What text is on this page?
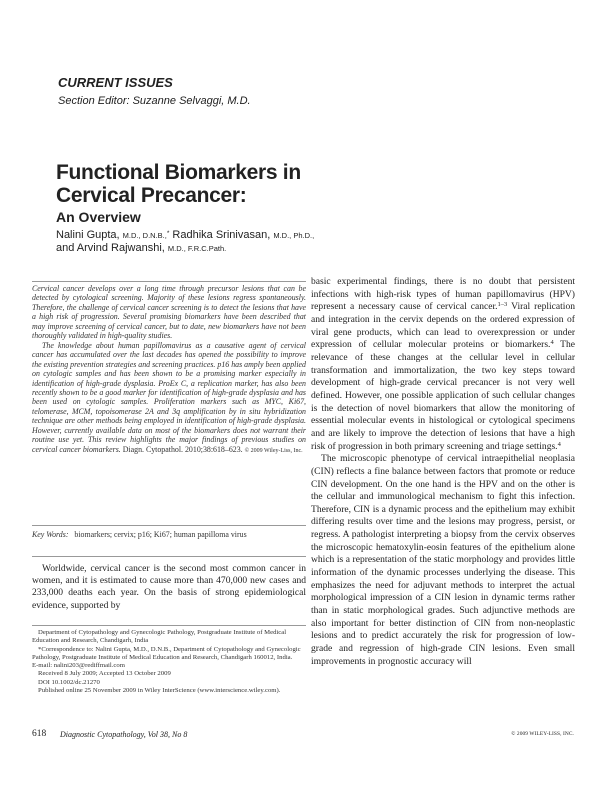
CURRENT ISSUES
Section Editor: Suzanne Selvaggi, M.D.
Functional Biomarkers in
Cervical Precancer:
An Overview
Nalini Gupta, M.D., D.N.B.,* Radhika Srinivasan, M.D., Ph.D.,
and Arvind Rajwanshi, M.D., F.R.C.Path.

Cervical cancer develops over a long time through precursor lesions that can be detected by cytological screening. Majority of these lesions regress spontaneously. Therefore, the challenge of cervical cancer screening is to detect the lesions that have a high risk of progression. Several promising biomarkers have been described that may improve screening of cervical cancer, but to date, new biomarkers have not been thoroughly validated in high-quality studies.

The knowledge about human papillomavirus as a causative agent of cervical cancer has accumulated over the last decades has opened the possibility to improve the existing prevention strategies and screening practices. p16 has amply been applied on cytologic samples and has been shown to be a promising marker especially in identification of high-grade dysplasia. ProEx C, a replication marker, has also been recently shown to be a good marker for identification of high-grade dysplasia and has been used on cytologic samples. Proliferation markers such as MYC, Ki67, telomerase, MCM, topoisomerase 2A and 3q amplification by in situ hybridization technique are other methods being employed in identification of high-grade dysplasia. However, currently available data on most of the biomarkers does not warrant their routine use yet. This review highlights the major findings of previous studies on cervical cancer biomarkers. Diagn. Cytopathol. 2010;38:618–623. © 2009 Wiley-Liss, Inc.

Key Words: biomarkers; cervix; p16; Ki67; human papilloma virus
Worldwide, cervical cancer is the second most common cancer in women, and it is estimated to cause more than 470,000 new cases and 233,000 deaths each year. On the basis of strong epidemiological evidence, supported by

Department of Cytopathology and Gynecologic Pathology, Postgraduate Institute of Medical Education and Research, Chandigarh, India

*Correspondence to: Nalini Gupta, M.D., D.N.B., Department of Cytopathology and Gynecologic Pathology, Postgraduate Institute of Medical Education and Research, Chandigarh 160012, India.

E-mail: nalini203@rediffmail.com

Received 8 July 2009; Accepted 13 October 2009

DOI 10.1002/dc.21270

Published online 25 November 2009 in Wiley InterScience (www.interscience.wiley.com).

basic experimental findings, there is no doubt that persistent infections with high-risk types of human papillomavirus (HPV) represent a necessary cause of cervical cancer.$^{1-3}$ Viral replication and integration in the cervix depends on the ordered expression of viral gene products, which can lead to overexpression or under expression of cellular molecular proteins or biomarkers.$^4$ The relevance of these changes at the cellular level in cellular transformation and immortalization, the two key steps toward development of high-grade cervical precancer is not very well defined. However, one possible application of such cellular changes is the detection of novel biomarkers that allow the monitoring of essential molecular events in histological or cytological specimens and are likely to improve the detection of lesions that have a high risk of progression in both primary screening and triage settings.$^4$

The microscopic phenotype of cervical intraepithelial neoplasia (CIN) reflects a fine balance between factors that promote or reduce CIN development. On the one hand is the HPV and on the other is the cellular and immunological mechanism to fight this infection. Therefore, CIN is a dynamic process and the epithelium may exhibit differing results over time and the lesions may progress, persist, or regress. A pathologist interpreting a biopsy from the cervix observes the microscopic hematoxylin-eosin features of the epithelium alone which is a representation of the static morphology and provides little information of the dynamic processes underlying the disease. This emphasizes the need for adjuvant methods to interpret the actual morphological impression of a CIN lesion in dynamic terms rather than in static morphological grades. Such adjunctive methods are also important for better distinction of CIN from non-neoplastic lesions and to predict accurately the risk for progression of low-grade and regression of high-grade CIN lesions. Even small improvements in prognostic accuracy will

618 Diagnostic Cytopathology, Vol 38, No 8	© 2009 WILEY-LISS, INC.
